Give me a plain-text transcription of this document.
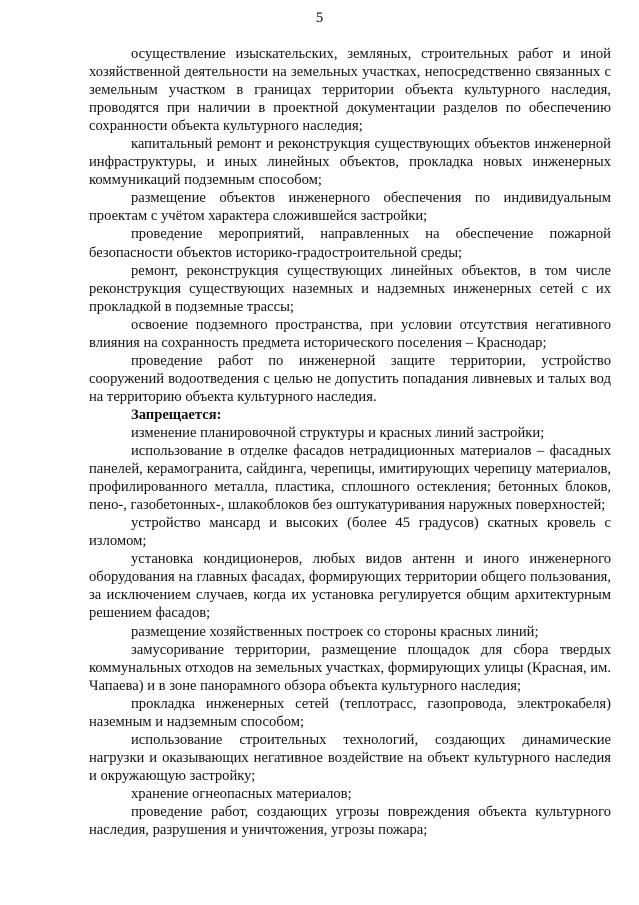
5

осуществление изыскательских, земляных, строительных работ и иной хозяйственной деятельности на земельных участках, непосредственно связанных с земельным участком в границах территории объекта культурного наследия, проводятся при наличии в проектной документации разделов по обеспечению сохранности объекта культурного наследия;

капитальный ремонт и реконструкция существующих объектов инженерной инфраструктуры, и иных линейных объектов, прокладка новых инженерных коммуникаций подземным способом;

размещение объектов инженерного обеспечения по индивидуальным проектам с учётом характера сложившейся застройки;

проведение мероприятий, направленных на обеспечение пожарной безопасности объектов историко-градостроительной среды;

ремонт, реконструкция существующих линейных объектов, в том числе реконструкция существующих наземных и надземных инженерных сетей с их прокладкой в подземные трассы;

освоение подземного пространства, при условии отсутствия негативного влияния на сохранность предмета исторического поселения – Краснодар;

проведение работ по инженерной защите территории, устройство сооружений водоотведения с целью не допустить попадания ливневых и талых вод на территорию объекта культурного наследия.

Запрещается:

изменение планировочной структуры и красных линий застройки;

использование в отделке фасадов нетрадиционных материалов – фасадных панелей, керамогранита, сайдинга, черепицы, имитирующих черепицу материалов, профилированного металла, пластика, сплошного остекления; бетонных блоков, пено-, газобетонных-, шлакоблоков без оштукатуривания наружных поверхностей;

устройство мансард и высоких (более 45 градусов) скатных кровель с изломом;

установка кондиционеров, любых видов антенн и иного инженерного оборудования на главных фасадах, формирующих территории общего пользования, за исключением случаев, когда их установка регулируется общим архитектурным решением фасадов;

размещение хозяйственных построек со стороны красных линий;

замусоривание территории, размещение площадок для сбора твердых коммунальных отходов на земельных участках, формирующих улицы (Красная, им. Чапаева) и в зоне панорамного обзора объекта культурного наследия;

прокладка инженерных сетей (теплотрасс, газопровода, электрокабеля) наземным и надземным способом;

использование строительных технологий, создающих динамические нагрузки и оказывающих негативное воздействие на объект культурного наследия и окружающую застройку;

хранение огнеопасных материалов;

проведение работ, создающих угрозы повреждения объекта культурного наследия, разрушения и уничтожения, угрозы пожара;
